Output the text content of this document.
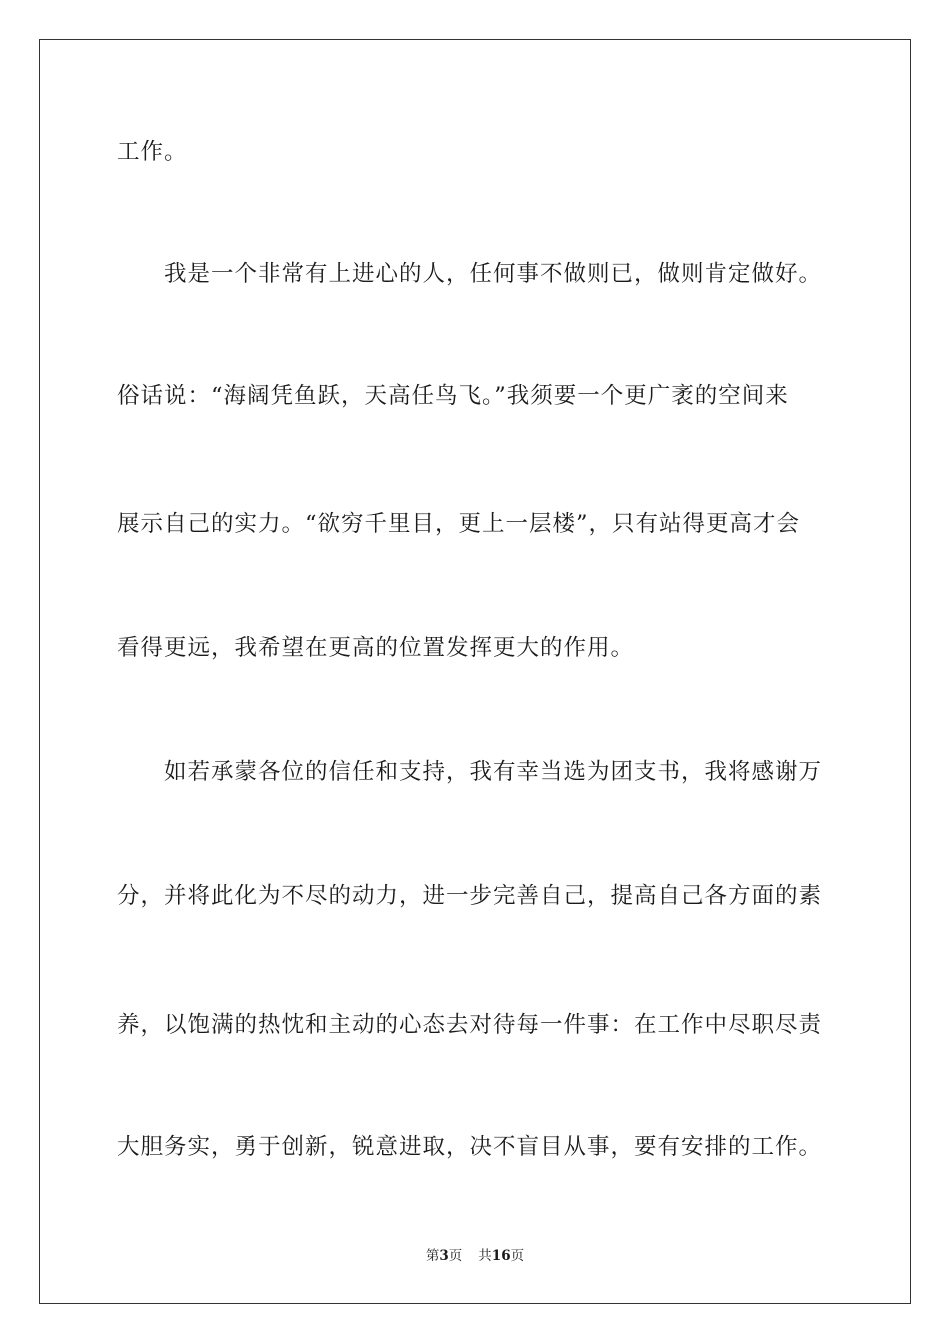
工作。
我是一个非常有上进心的人，任何事不做则已，做则肯定做好。
俗话说：“海阔凭鱼跃，天高任鸟飞。”我须要一个更广袤的空间来
展示自己的实力。“欲穷千里目，更上一层楼”，只有站得更高才会
看得更远，我希望在更高的位置发挥更大的作用。
如若承蒙各位的信任和支持，我有幸当选为团支书，我将感谢万
分，并将此化为不尽的动力，进一步完善自己，提高自己各方面的素
养，以饱满的热忱和主动的心态去对待每一件事：在工作中尽职尽责
大胆务实，勇于创新，锐意进取，决不盲目从事，要有安排的工作。
第3页 共16页
